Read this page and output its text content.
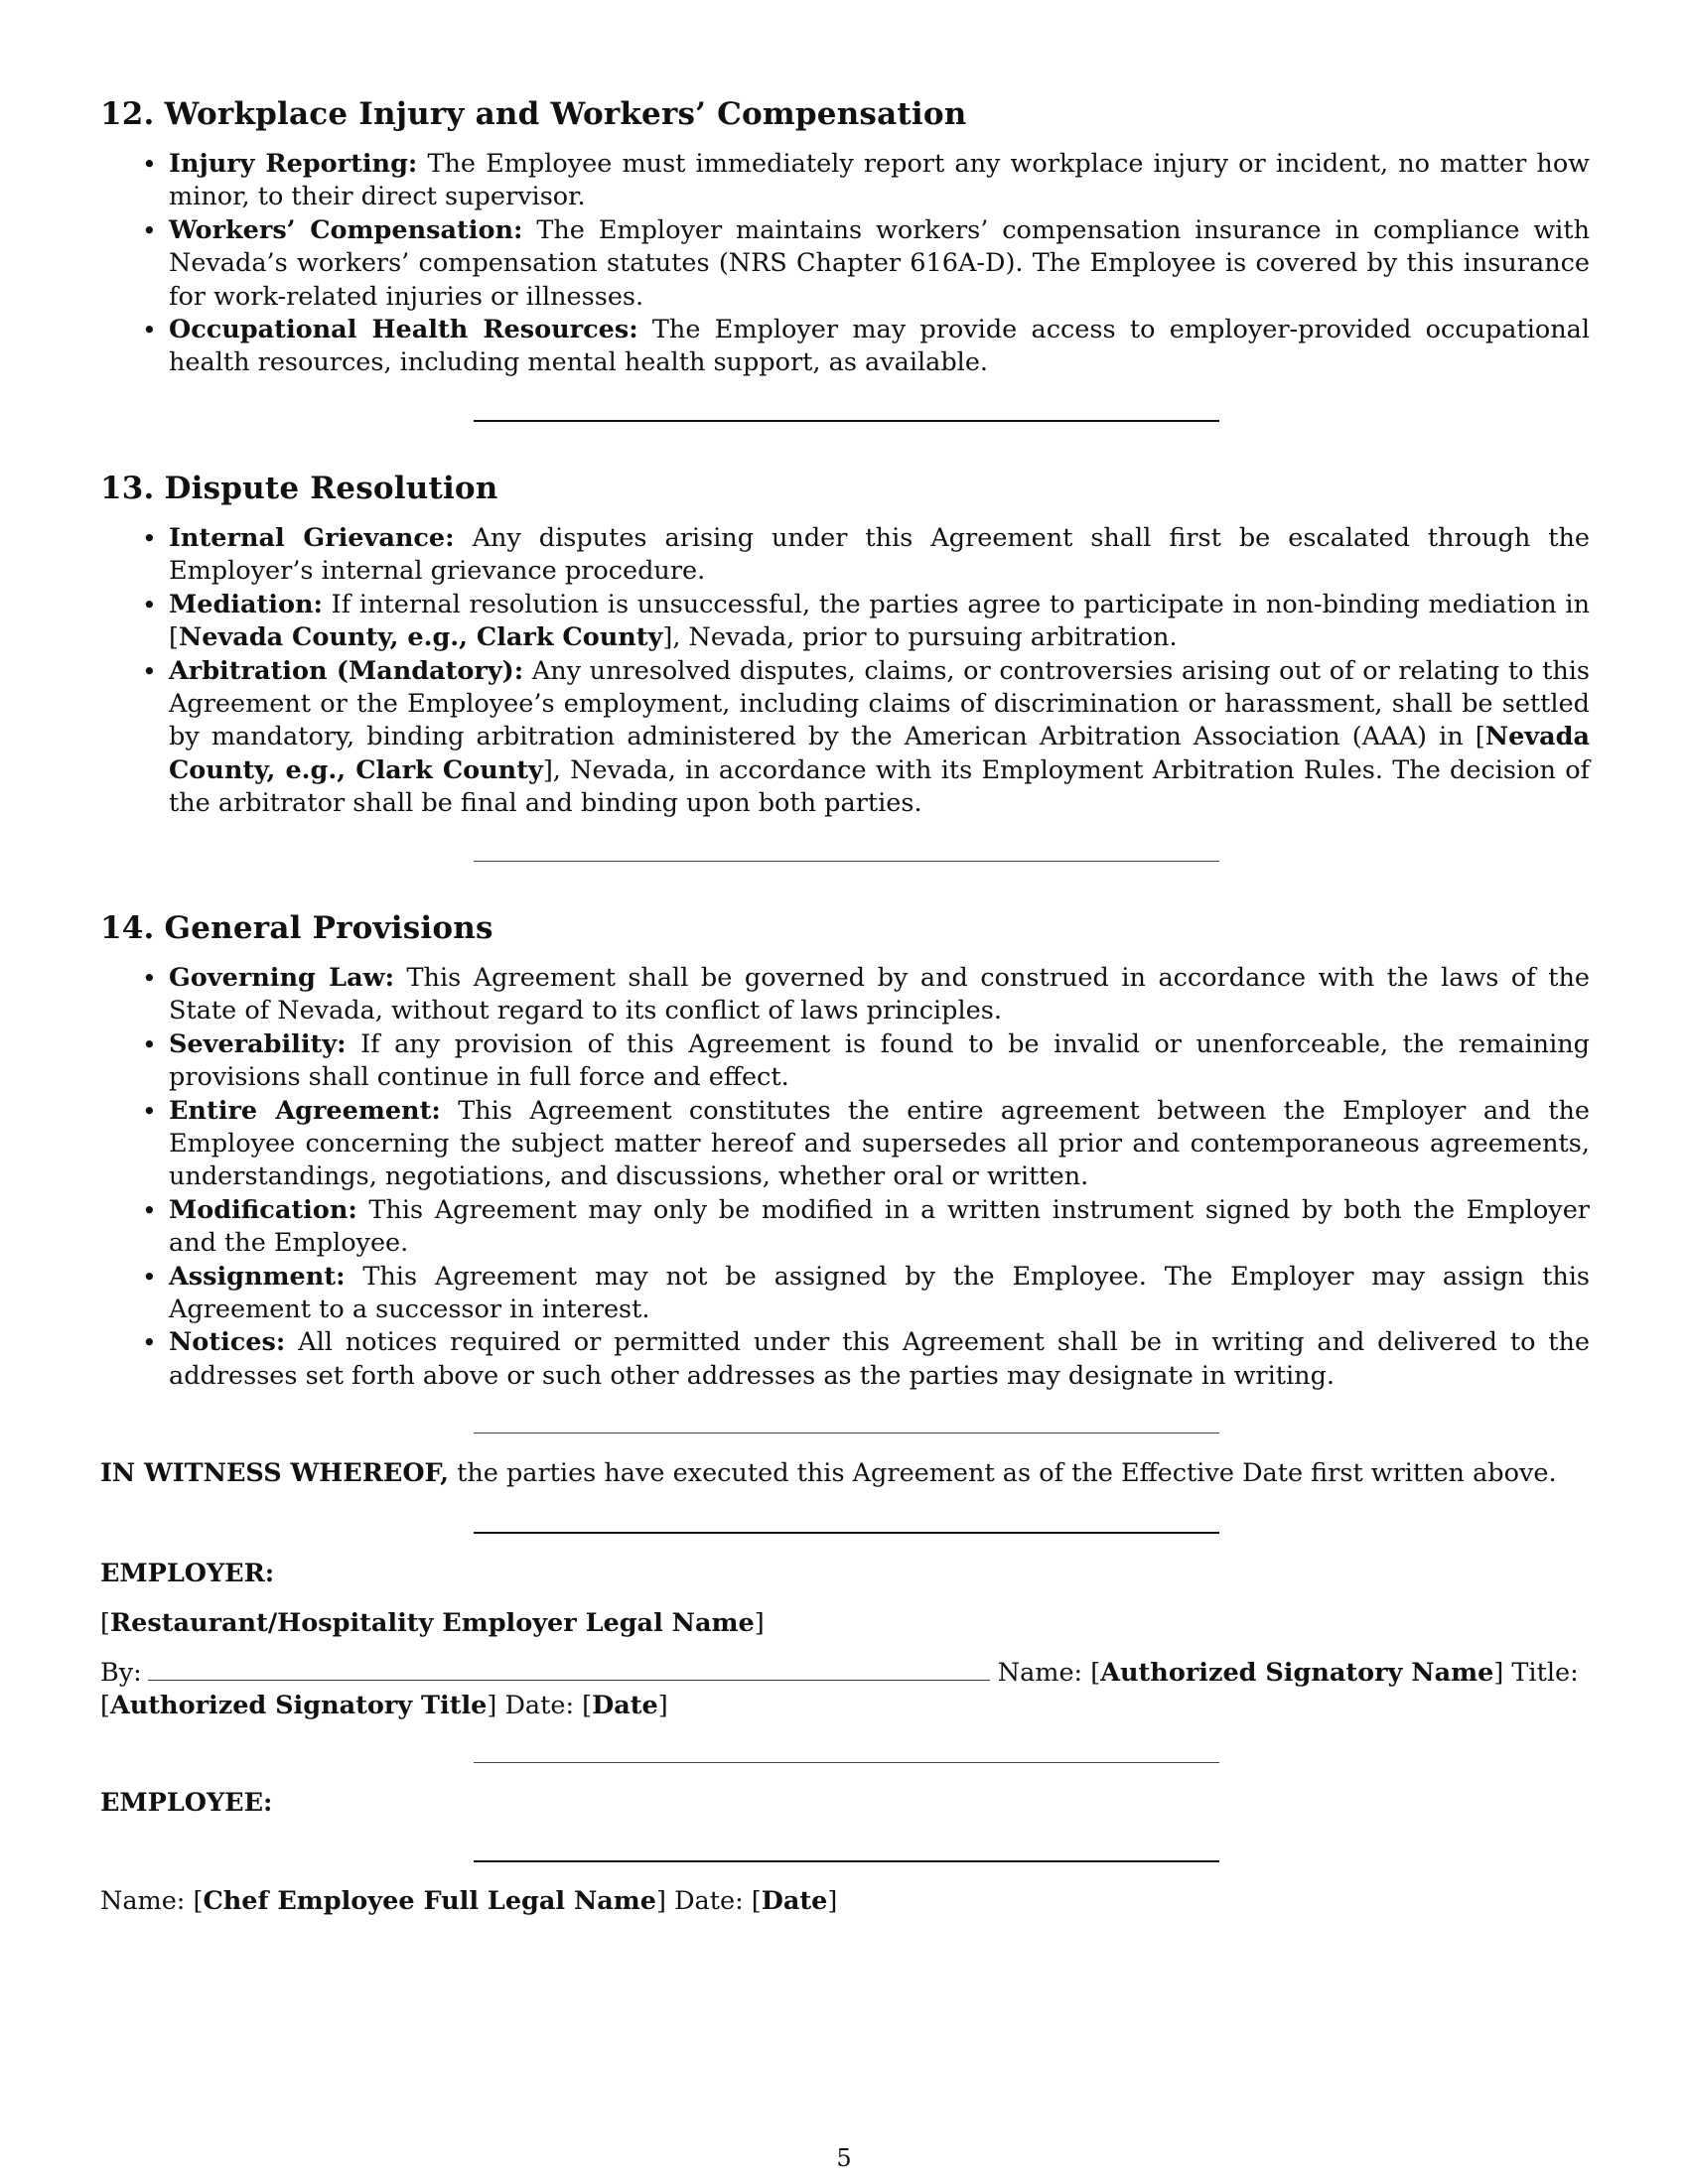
12. Workplace Injury and Workers’ Compensation
• Injury Reporting: The Employee must immediately report any workplace injury or incident, no matter how minor, to their direct supervisor.
• Workers’ Compensation: The Employer maintains workers’ compensation insurance in compliance with Nevada’s workers’ compensation statutes (NRS Chapter 616A-D). The Employee is covered by this insurance for work-related injuries or illnesses.
• Occupational Health Resources: The Employer may provide access to employer-provided occupational health resources, including mental health support, as available.
13. Dispute Resolution
• Internal Grievance: Any disputes arising under this Agreement shall first be escalated through the Employer’s internal grievance procedure.
• Mediation: If internal resolution is unsuccessful, the parties agree to participate in non-binding mediation in [Nevada County, e.g., Clark County], Nevada, prior to pursuing arbitration.
• Arbitration (Mandatory): Any unresolved disputes, claims, or controversies arising out of or relating to this Agreement or the Employee’s employment, including claims of discrimination or harassment, shall be settled by mandatory, binding arbitration administered by the American Arbitration Association (AAA) in [Nevada County, e.g., Clark County], Nevada, in accordance with its Employment Arbitration Rules. The decision of the arbitrator shall be final and binding upon both parties.
14. General Provisions
• Governing Law: This Agreement shall be governed by and construed in accordance with the laws of the State of Nevada, without regard to its conflict of laws principles.
• Severability: If any provision of this Agreement is found to be invalid or unenforceable, the remaining provisions shall continue in full force and effect.
• Entire Agreement: This Agreement constitutes the entire agreement between the Employer and the Employee concerning the subject matter hereof and supersedes all prior and contemporaneous agreements, understandings, negotiations, and discussions, whether oral or written.
• Modification: This Agreement may only be modified in a written instrument signed by both the Employer and the Employee.
• Assignment: This Agreement may not be assigned by the Employee. The Employer may assign this Agreement to a successor in interest.
• Notices: All notices required or permitted under this Agreement shall be in writing and delivered to the addresses set forth above or such other addresses as the parties may designate in writing.
IN WITNESS WHEREOF, the parties have executed this Agreement as of the Effective Date first written above.
EMPLOYER:
[Restaurant/Hospitality Employer Legal Name]
By:	Name: [Authorized Signatory Name] Title:
[Authorized Signatory Title] Date: [Date]
EMPLOYEE:
Name: [Chef Employee Full Legal Name] Date: [Date]
5
